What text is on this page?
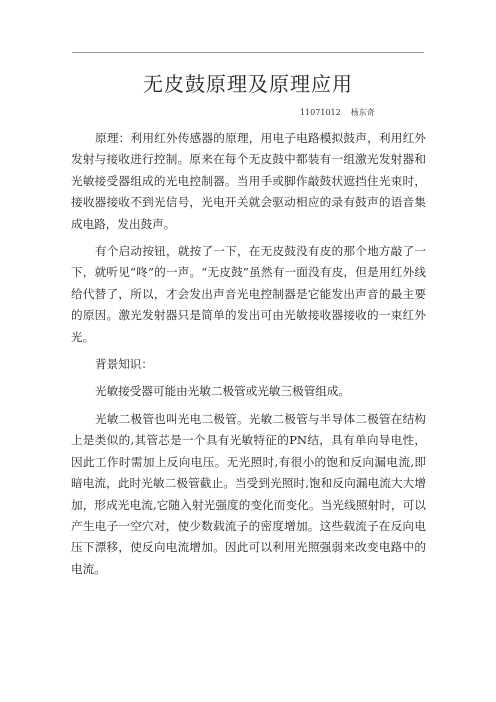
无皮鼓原理及原理应用
11071012 杨东奇

原理：利用红外传感器的原理，用电子电路模拟鼓声，利用红外发射与接收进行控制。原来在每个无皮鼓中都装有一组激光发射器和光敏接受器组成的光电控制器。当用手或脚作敲鼓状遮挡住光束时，接收器接收不到光信号，光电开关就会驱动相应的录有鼓声的语音集成电路，发出鼓声。

有个启动按钮，就按了一下，在无皮鼓没有皮的那个地方敲了一下，就听见“咚”的一声。“无皮鼓”虽然有一面没有皮，但是用红外线给代替了，所以，才会发出声音光电控制器是它能发出声音的最主要的原因。激光发射器只是简单的发出可由光敏接收器接收的一束红外光。

背景知识：

光敏接受器可能由光敏二极管或光敏三极管组成。

光敏二极管也叫光电二极管。光敏二极管与半导体二极管在结构上是类似的,其管芯是一个具有光敏特征的PN结，具有单向导电性，因此工作时需加上反向电压。无光照时,有很小的饱和反向漏电流,即暗电流，此时光敏二极管截止。当受到光照时,饱和反向漏电流大大增加，形成光电流,它随入射光强度的变化而变化。当光线照射时，可以产生电子一空穴对，使少数载流子的密度增加。这些载流子在反向电压下漂移，使反向电流增加。因此可以利用光照强弱来改变电路中的电流。
